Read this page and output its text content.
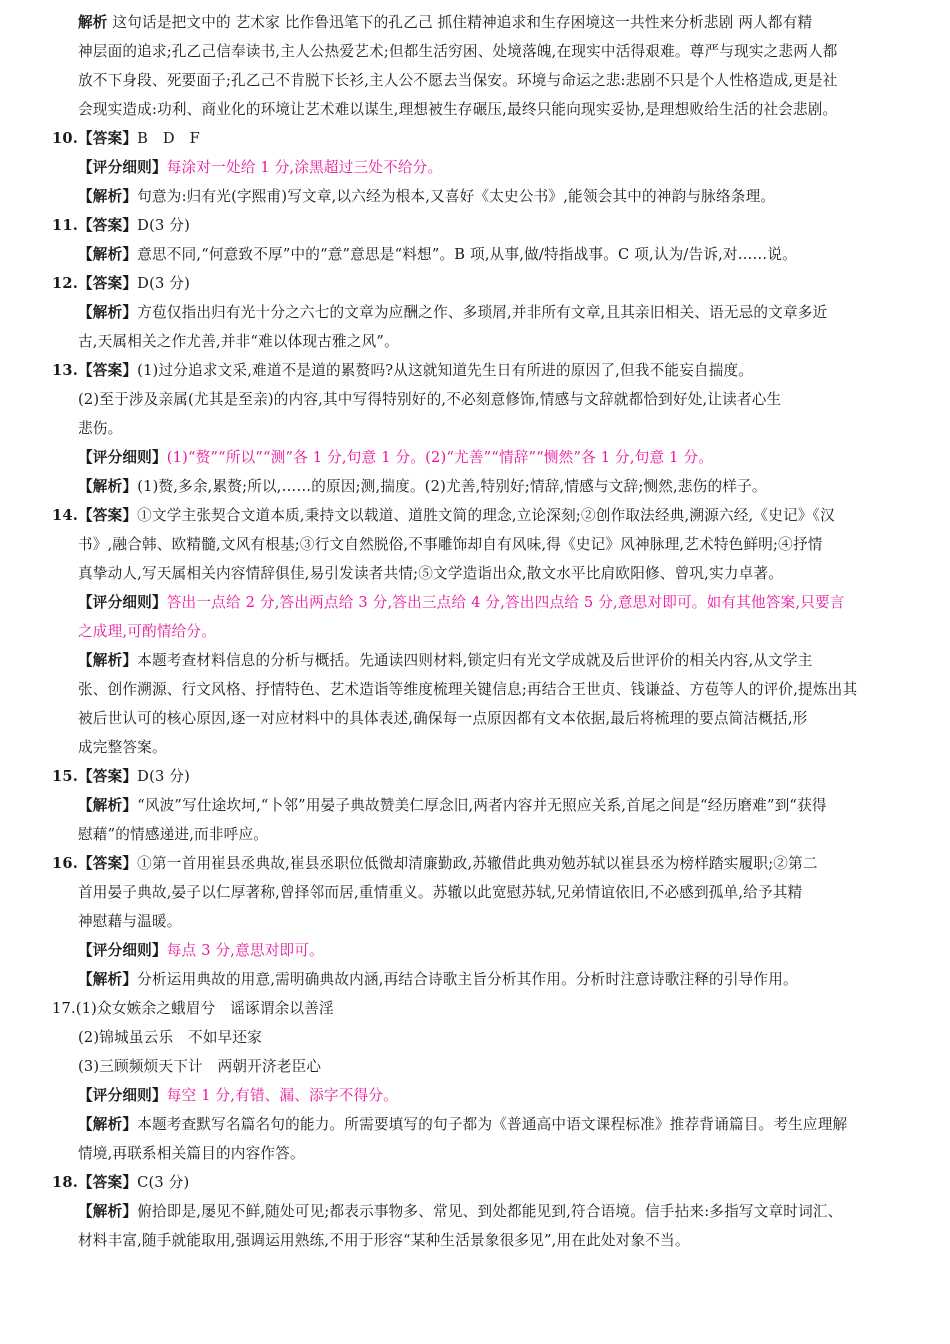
解析 这句话是把文中的 艺术家 比作鲁迅笔下的孔乙己 抓住精神追求和生存困境这一共性来分析悲剧 两人都有精
神层面的追求;孔乙己信奉读书,主人公热爱艺术;但都生活穷困、处境落魄,在现实中活得艰难。尊严与现实之悲两人都
放不下身段、死要面子;孔乙己不肯脱下长衫,主人公不愿去当保安。环境与命运之悲:悲剧不只是个人性格造成,更是社
会现实造成:功利、商业化的环境让艺术难以谋生,理想被生存碾压,最终只能向现实妥协,是理想败给生活的社会悲剧。
10.【答案】B　D　F
【评分细则】每涂对一处给 1 分,涂黑超过三处不给分。
【解析】句意为:归有光(字熙甫)写文章,以六经为根本,又喜好《太史公书》,能领会其中的神韵与脉络条理。
11.【答案】D(3 分)
【解析】意思不同,“何意致不厚”中的“意”意思是“料想”。B 项,从事,做/特指战事。C 项,认为/告诉,对……说。
12.【答案】D(3 分)
【解析】方苞仅指出归有光十分之六七的文章为应酬之作、多琐屑,并非所有文章,且其亲旧相关、语无忌的文章多近
古,天属相关之作尤善,并非“难以体现古雅之风”。
13.【答案】(1)过分追求文采,难道不是道的累赘吗?从这就知道先生日有所进的原因了,但我不能妄自揣度。
(2)至于涉及亲属(尤其是至亲)的内容,其中写得特别好的,不必刻意修饰,情感与文辞就都恰到好处,让读者心生
悲伤。
【评分细则】(1)“赘”“所以”“测”各 1 分,句意 1 分。(2)“尤善”“情辞”“恻然”各 1 分,句意 1 分。
【解析】(1)赘,多余,累赘;所以,……的原因;测,揣度。(2)尤善,特别好;情辞,情感与文辞;恻然,悲伤的样子。
14.【答案】①文学主张契合文道本质,秉持文以载道、道胜文简的理念,立论深刻;②创作取法经典,溯源六经,《史记》《汉
书》,融合韩、欧精髓,文风有根基;③行文自然脱俗,不事雕饰却自有风味,得《史记》风神脉理,艺术特色鲜明;④抒情
真挚动人,写天属相关内容情辞俱佳,易引发读者共情;⑤文学造诣出众,散文水平比肩欧阳修、曾巩,实力卓著。
【评分细则】答出一点给 2 分,答出两点给 3 分,答出三点给 4 分,答出四点给 5 分,意思对即可。如有其他答案,只要言
之成理,可酌情给分。
【解析】本题考查材料信息的分析与概括。先通读四则材料,锁定归有光文学成就及后世评价的相关内容,从文学主
张、创作溯源、行文风格、抒情特色、艺术造诣等维度梳理关键信息;再结合王世贞、钱谦益、方苞等人的评价,提炼出其
被后世认可的核心原因,逐一对应材料中的具体表述,确保每一点原因都有文本依据,最后将梳理的要点简洁概括,形
成完整答案。
15.【答案】D(3 分)
【解析】“风波”写仕途坎坷,“卜邻”用晏子典故赞美仁厚念旧,两者内容并无照应关系,首尾之间是“经历磨难”到“获得
慰藉”的情感递进,而非呼应。
16.【答案】①第一首用崔县丞典故,崔县丞职位低微却清廉勤政,苏辙借此典劝勉苏轼以崔县丞为榜样踏实履职;②第二
首用晏子典故,晏子以仁厚著称,曾择邻而居,重情重义。苏辙以此宽慰苏轼,兄弟情谊依旧,不必感到孤单,给予其精
神慰藉与温暖。
【评分细则】每点 3 分,意思对即可。
【解析】分析运用典故的用意,需明确典故内涵,再结合诗歌主旨分析其作用。分析时注意诗歌注释的引导作用。
17.(1)众女嫉余之蛾眉兮　谣诼谓余以善淫
(2)锦城虽云乐　不如早还家
(3)三顾频烦天下计　两朝开济老臣心
【评分细则】每空 1 分,有错、漏、添字不得分。
【解析】本题考查默写名篇名句的能力。所需要填写的句子都为《普通高中语文课程标准》推荐背诵篇目。考生应理解
情境,再联系相关篇目的内容作答。
18.【答案】C(3 分)
【解析】俯拾即是,屡见不鲜,随处可见;都表示事物多、常见、到处都能见到,符合语境。信手拈来:多指写文章时词汇、
材料丰富,随手就能取用,强调运用熟练,不用于形容“某种生活景象很多见”,用在此处对象不当。
